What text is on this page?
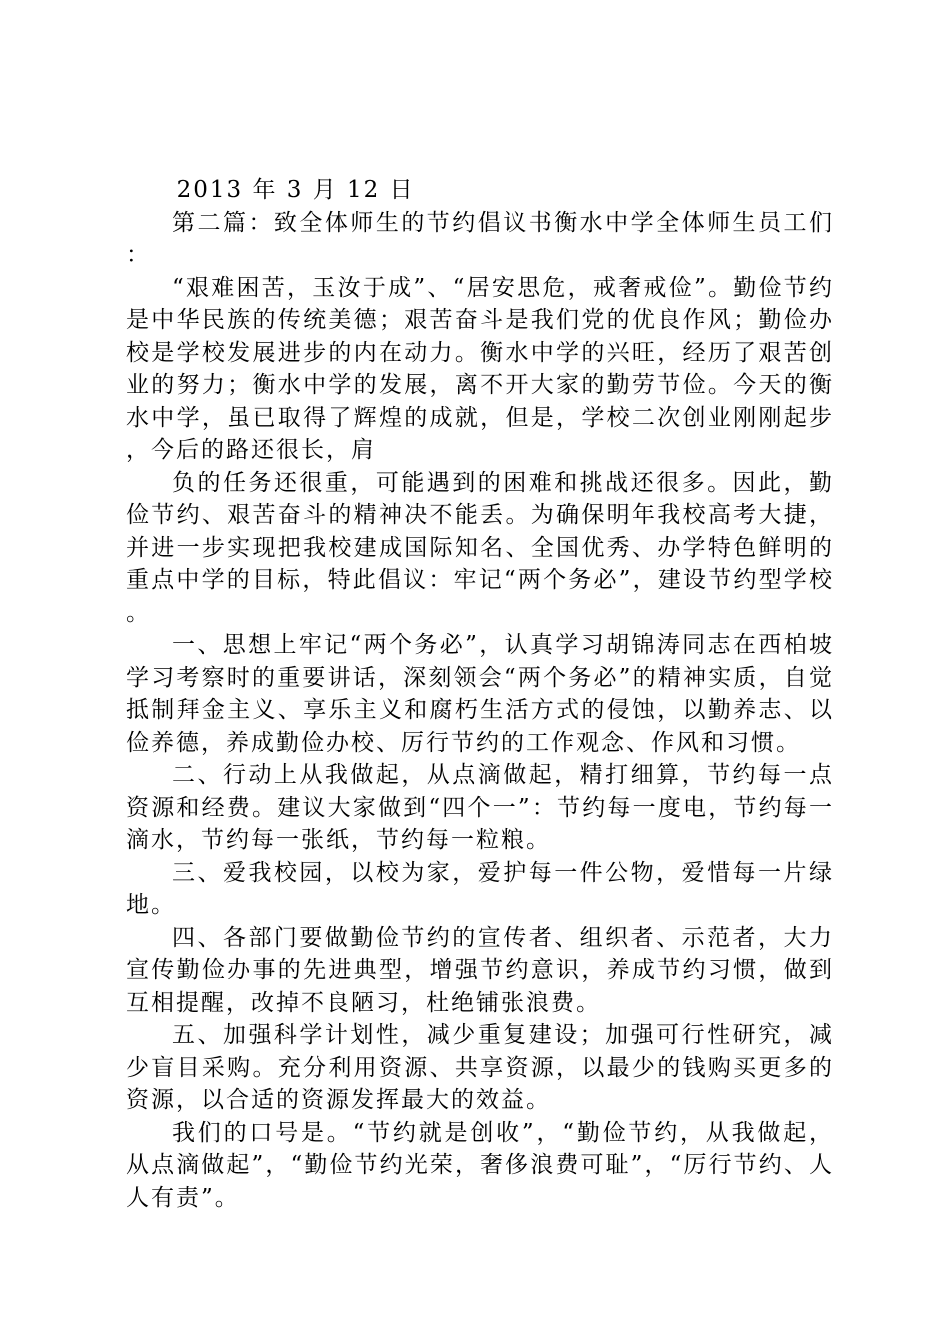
2013 年 3 月 12 日

第二篇：致全体师生的节约倡议书衡水中学全体师生员工们：

“艰难困苦，玉汝于成”、“居安思危，戒奢戒俭”。勤俭节约是中华民族的传统美德；艰苦奋斗是我们党的优良作风；勤俭办校是学校发展进步的内在动力。衡水中学的兴旺，经历了艰苦创业的努力；衡水中学的发展，离不开大家的勤劳节俭。今天的衡水中学，虽已取得了辉煌的成就，但是，学校二次创业刚刚起步，今后的路还很长，肩

负的任务还很重，可能遇到的困难和挑战还很多。因此，勤俭节约、艰苦奋斗的精神决不能丢。为确保明年我校高考大捷，并进一步实现把我校建成国际知名、全国优秀、办学特色鲜明的重点中学的目标，特此倡议：牢记“两个务必”，建设节约型学校。

一、思想上牢记“两个务必”，认真学习胡锦涛同志在西柏坡学习考察时的重要讲话，深刻领会“两个务必”的精神实质，自觉抵制拜金主义、享乐主义和腐朽生活方式的侵蚀，以勤养志、以俭养德，养成勤俭办校、厉行节约的工作观念、作风和习惯。

二、行动上从我做起，从点滴做起，精打细算，节约每一点资源和经费。建议大家做到“四个一”：节约每一度电，节约每一滴水，节约每一张纸，节约每一粒粮。

三、爱我校园，以校为家，爱护每一件公物，爱惜每一片绿地。

四、各部门要做勤俭节约的宣传者、组织者、示范者，大力宣传勤俭办事的先进典型，增强节约意识，养成节约习惯，做到互相提醒，改掉不良陋习，杜绝铺张浪费。

五、加强科学计划性，减少重复建设；加强可行性研究，减少盲目采购。充分利用资源、共享资源，以最少的钱购买更多的资源，以合适的资源发挥最大的效益。

我们的口号是。“节约就是创收”，“勤俭节约，从我做起，从点滴做起”，“勤俭节约光荣，奢侈浪费可耻”，“厉行节约、人人有责”。
